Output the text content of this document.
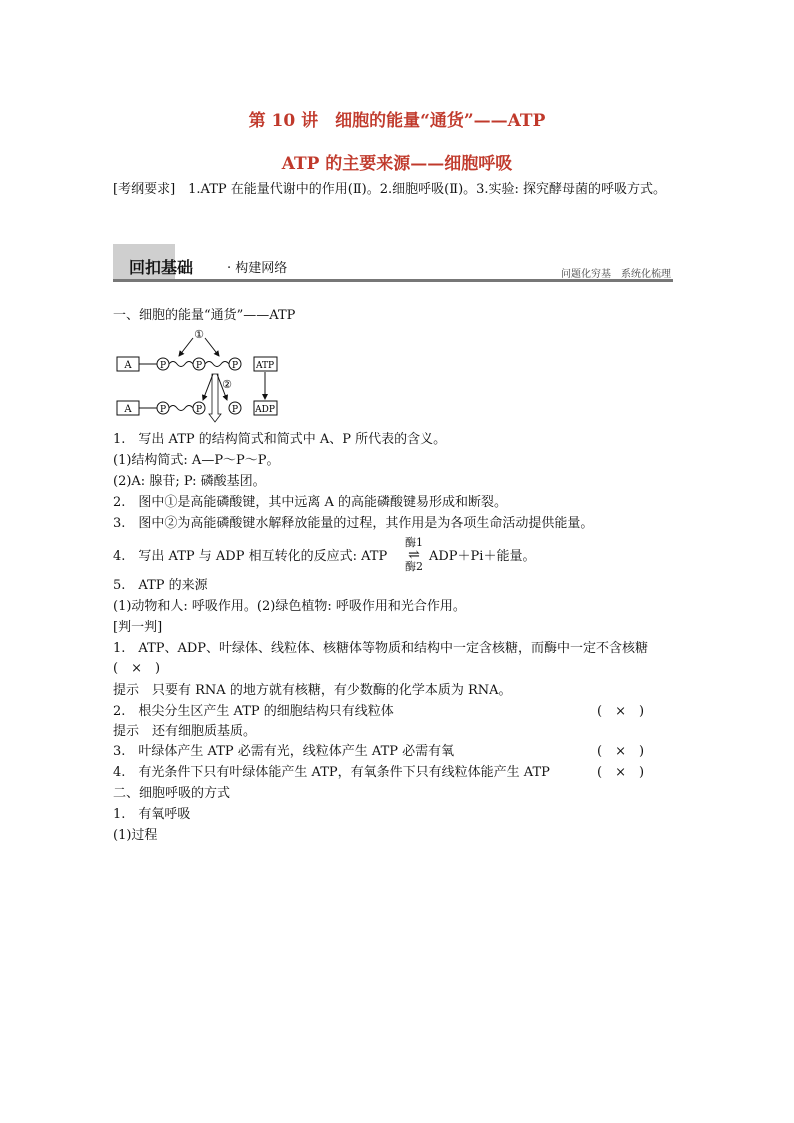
第 10 讲　细胞的能量“通货”——ATP
ATP 的主要来源——细胞呼吸
[考纲要求]　1.ATP 在能量代谢中的作用(Ⅱ)。2.细胞呼吸(Ⅱ)。3.实验: 探究酵母菌的呼吸方式。
回扣基础	· 构建网络	问题化穷基　系统化梳理
一、细胞的能量“通货”——ATP
A	P	P	P ATP
①
②
A	P	P	P ADP
1.　写出 ATP 的结构简式和简式中 A、P 所代表的含义。
(1)结构简式: A—P～P～P。
(2)A: 腺苷; P: 磷酸基团。
2.　图中①是高能磷酸键，其中远离 A 的高能磷酸键易形成和断裂。
3.　图中②为高能磷酸键水解释放能量的过程，其作用是为各项生命活动提供能量。
4.　写出 ATP 与 ADP 相互转化的反应式: ATP
酶1
⇌
酶2
ADP＋Pi＋能量。
5.　ATP 的来源
(1)动物和人: 呼吸作用。(2)绿色植物: 呼吸作用和光合作用。
[判一判]
1.　ATP、ADP、叶绿体、线粒体、核糖体等物质和结构中一定含核糖，而酶中一定不含核糖
(　×　)
提示　只要有 RNA 的地方就有核糖，有少数酶的化学本质为 RNA。
2.　根尖分生区产生 ATP 的细胞结构只有线粒体	(　×　)
提示　还有细胞质基质。
3.　叶绿体产生 ATP 必需有光，线粒体产生 ATP 必需有氧	(　×　)
4.　有光条件下只有叶绿体能产生 ATP，有氧条件下只有线粒体能产生 ATP	(　×　)
二、细胞呼吸的方式
1.　有氧呼吸
(1)过程
